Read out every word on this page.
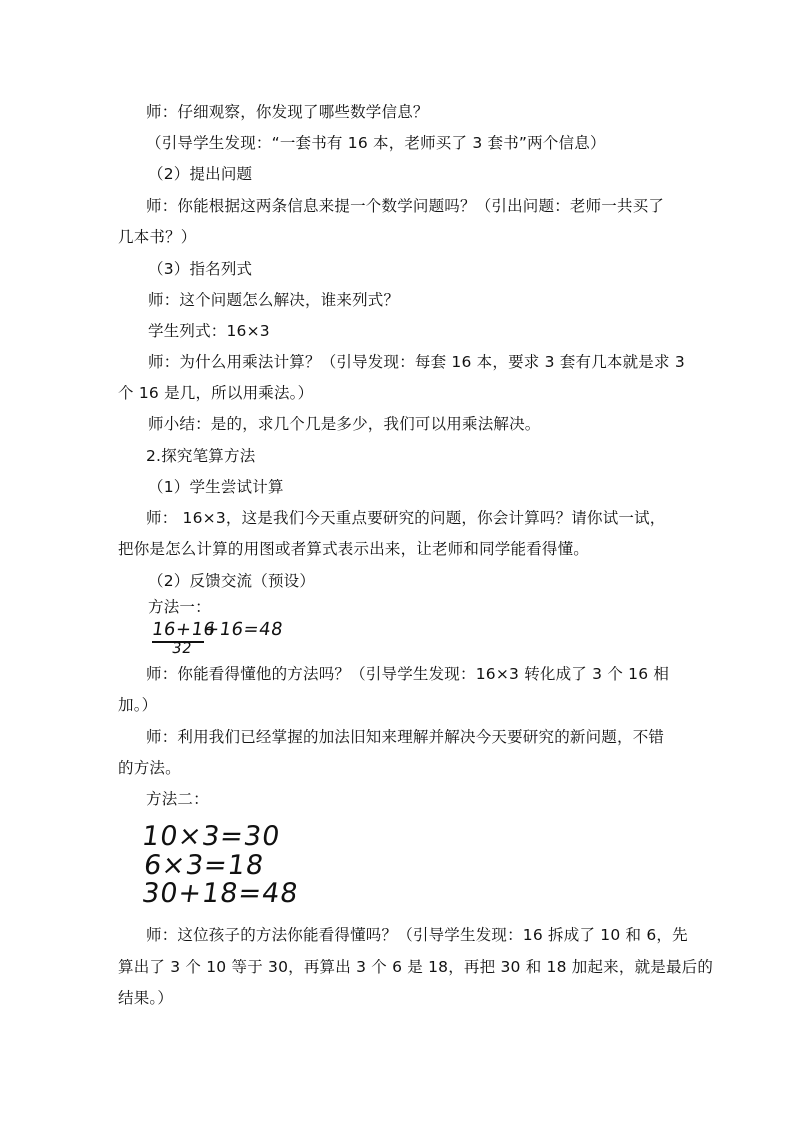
师：仔细观察，你发现了哪些数学信息？
（引导学生发现：“一套书有 16 本，老师买了 3 套书”两个信息）
（2）提出问题
师：你能根据这两条信息来提一个数学问题吗？（引出问题：老师一共买了
几本书？）
（3）指名列式
师：这个问题怎么解决，谁来列式？
学生列式：16×3
师：为什么用乘法计算？（引导发现：每套 16 本，要求 3 套有几本就是求 3
个 16 是几，所以用乘法。）
师小结：是的，求几个几是多少，我们可以用乘法解决。
2.探究笔算方法
（1）学生尝试计算
师： 16×3，这是我们今天重点要研究的问题，你会计算吗？请你试一试，
把你是怎么计算的用图或者算式表示出来，让老师和同学能看得懂。
（2）反馈交流（预设）
方法一：
16+16
+16=48
32
师：你能看得懂他的方法吗？（引导学生发现：16×3 转化成了 3 个 16 相
加。）
师：利用我们已经掌握的加法旧知来理解并解决今天要研究的新问题，不错
的方法。
方法二：
10×3=30
6×3=18
30+18=48
师：这位孩子的方法你能看得懂吗？（引导学生发现：16 拆成了 10 和 6，先
算出了 3 个 10 等于 30，再算出 3 个 6 是 18，再把 30 和 18 加起来，就是最后的
结果。）
